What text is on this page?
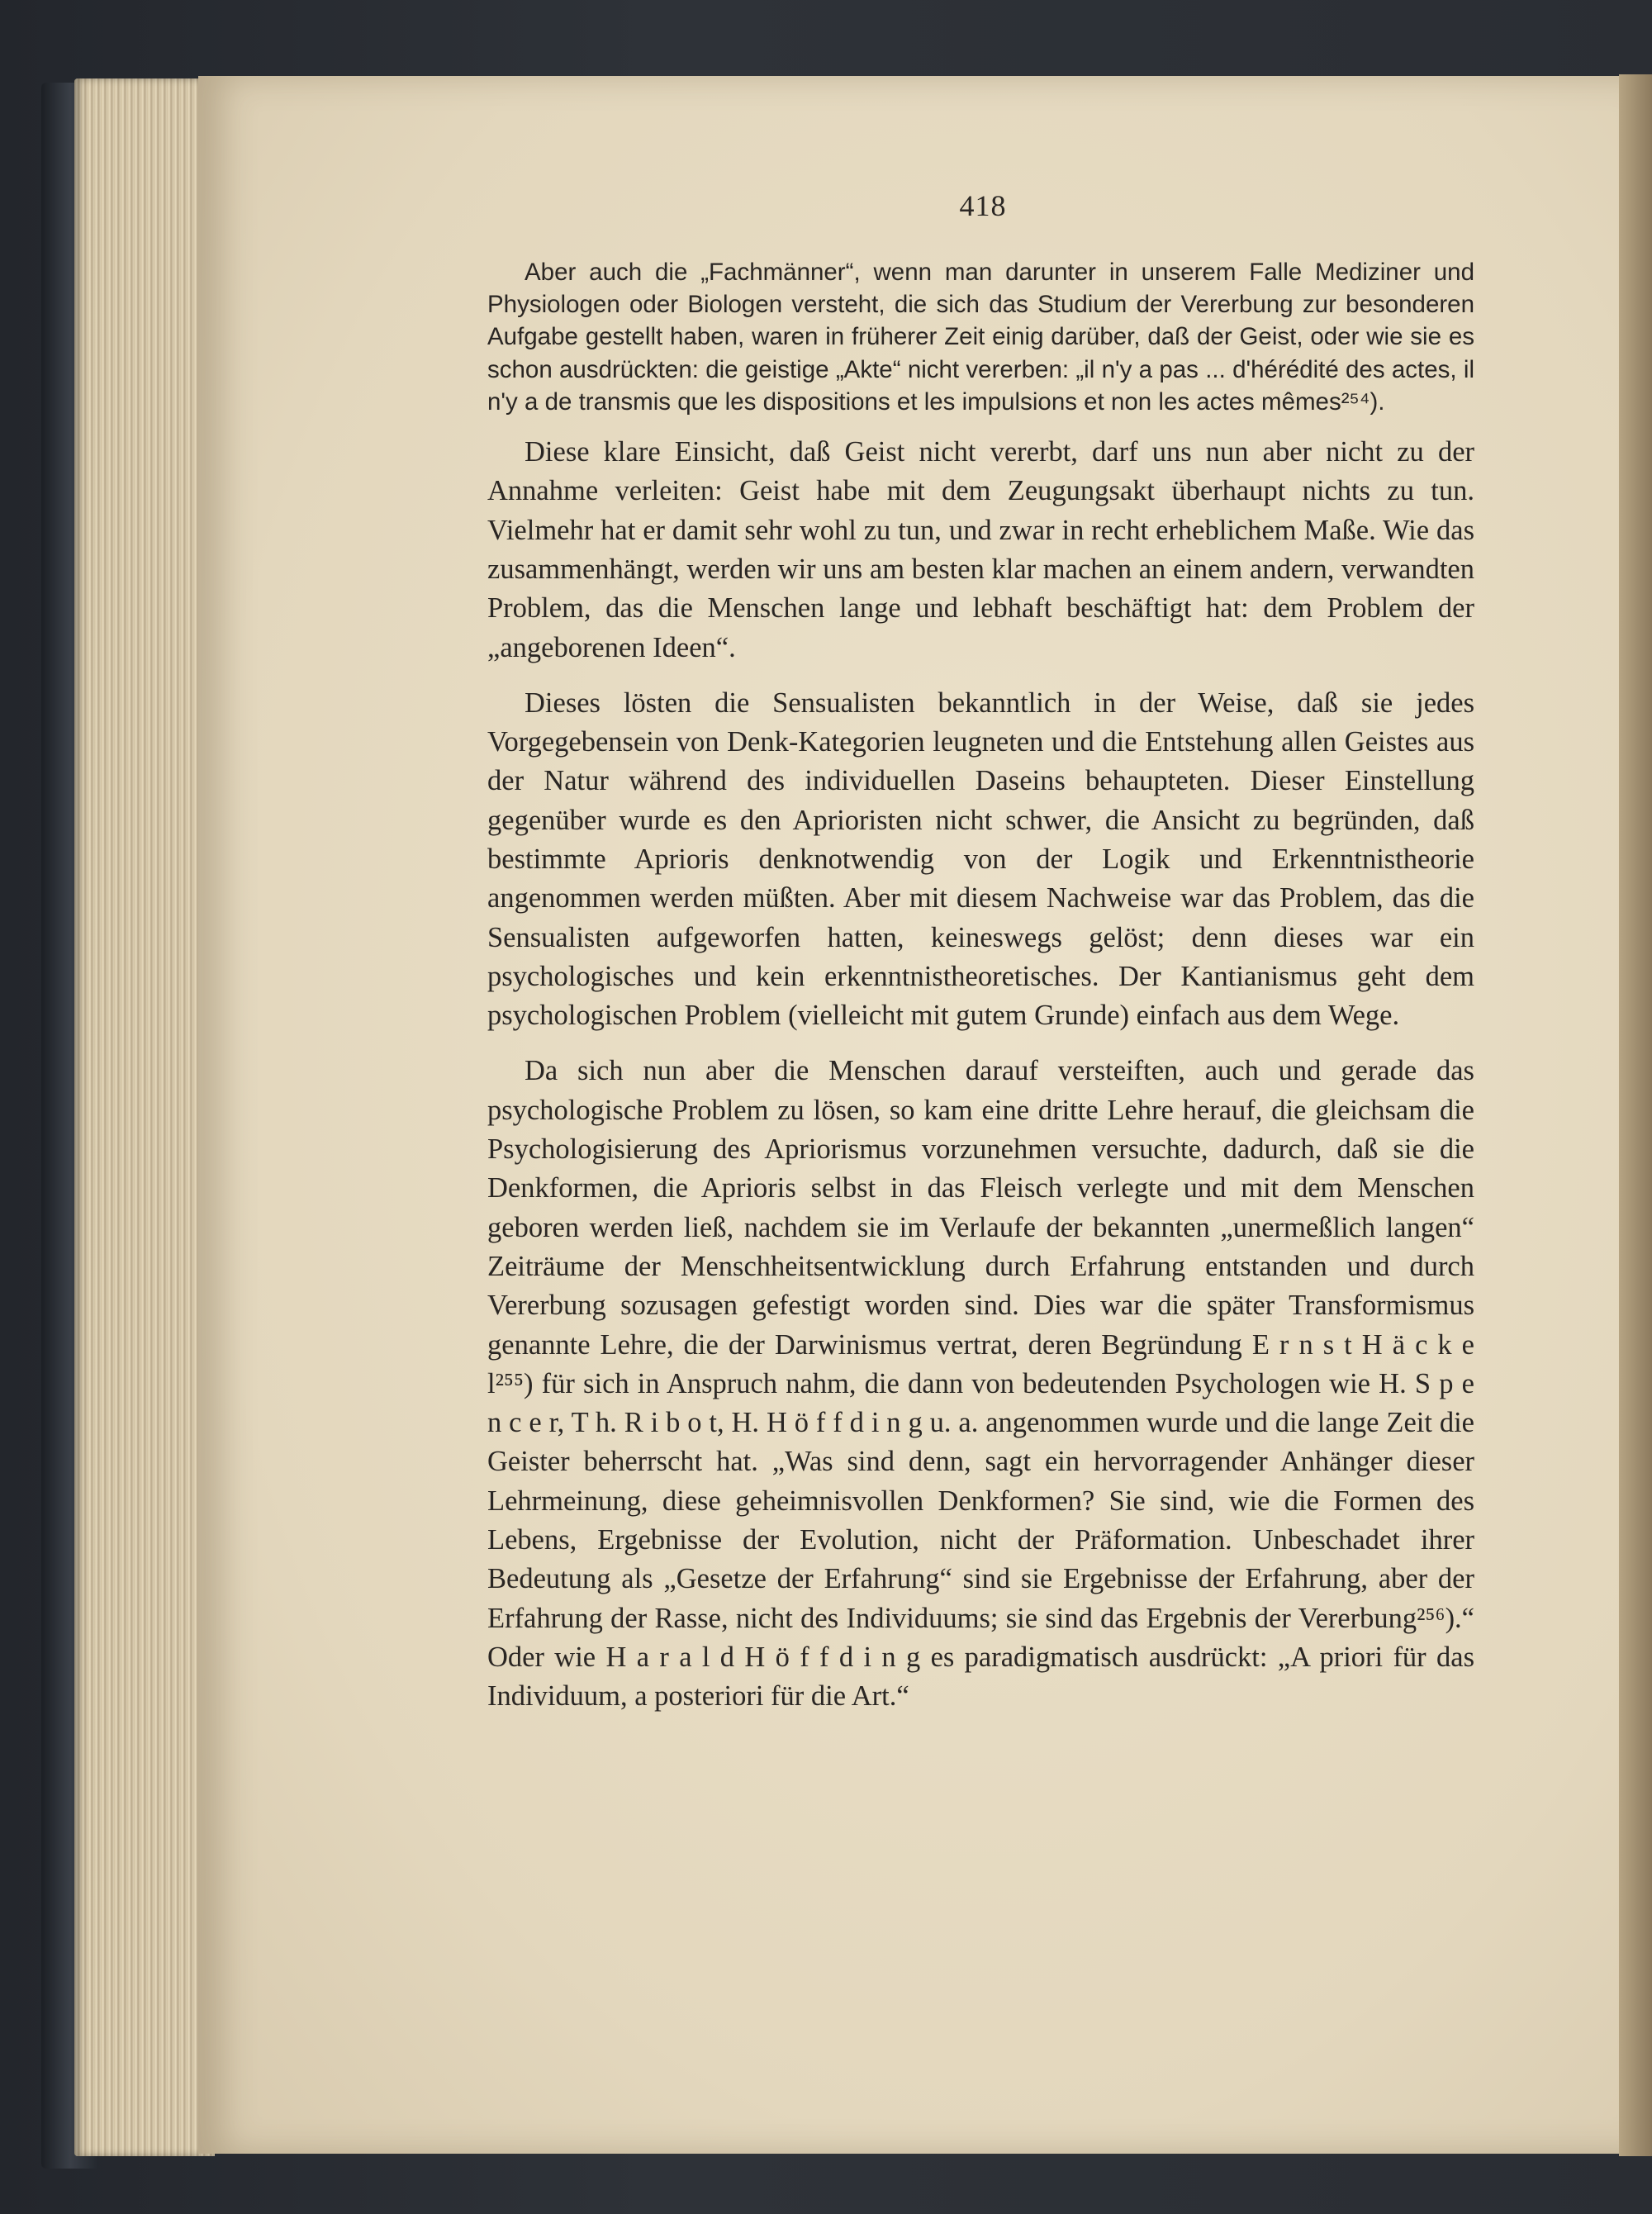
418

Aber auch die „Fachmänner“, wenn man darunter in unserem Falle Mediziner und Physiologen oder Biologen versteht, die sich das Studium der Vererbung zur besonderen Aufgabe gestellt haben, waren in früherer Zeit einig darüber, daß der Geist, oder wie sie es schon ausdrückten: die geistige „Akte“ nicht vererben: „il n'y a pas ... d'hérédité des actes, il n'y a de transmis que les dispositions et les impulsions et non les actes mêmes²⁵⁴).

Diese klare Einsicht, daß Geist nicht vererbt, darf uns nun aber nicht zu der Annahme verleiten: Geist habe mit dem Zeugungsakt überhaupt nichts zu tun. Vielmehr hat er damit sehr wohl zu tun, und zwar in recht erheblichem Maße. Wie das zusammenhängt, werden wir uns am besten klar machen an einem andern, verwandten Problem, das die Menschen lange und lebhaft beschäftigt hat: dem Problem der „angeborenen Ideen“.

Dieses lösten die Sensualisten bekanntlich in der Weise, daß sie jedes Vorgegebensein von Denk-Kategorien leugneten und die Entstehung allen Geistes aus der Natur während des individuellen Daseins behaupteten. Dieser Einstellung gegenüber wurde es den Aprioristen nicht schwer, die Ansicht zu begründen, daß bestimmte Aprioris denknotwendig von der Logik und Erkenntnistheorie angenommen werden müßten. Aber mit diesem Nachweise war das Problem, das die Sensualisten aufgeworfen hatten, keineswegs gelöst; denn dieses war ein psychologisches und kein erkenntnistheoretisches. Der Kantianismus geht dem psychologischen Problem (vielleicht mit gutem Grunde) einfach aus dem Wege.

Da sich nun aber die Menschen darauf versteiften, auch und gerade das psychologische Problem zu lösen, so kam eine dritte Lehre herauf, die gleichsam die Psychologisierung des Apriorismus vorzunehmen versuchte, dadurch, daß sie die Denkformen, die Aprioris selbst in das Fleisch verlegte und mit dem Menschen geboren werden ließ, nachdem sie im Verlaufe der bekannten „unermeßlich langen“ Zeiträume der Menschheitsentwicklung durch Erfahrung entstanden und durch Vererbung sozusagen gefestigt worden sind. Dies war die später Transformismus genannte Lehre, die der Darwinismus vertrat, deren Begründung E r n s t H ä c k e l²⁵⁵) für sich in Anspruch nahm, die dann von bedeutenden Psychologen wie H. S p e n c e r, T h. R i b o t, H. H ö f f d i n g u. a. angenommen wurde und die lange Zeit die Geister beherrscht hat. „Was sind denn, sagt ein hervorragender Anhänger dieser Lehrmeinung, diese geheimnisvollen Denkformen? Sie sind, wie die Formen des Lebens, Ergebnisse der Evolution, nicht der Präformation. Unbeschadet ihrer Bedeutung als „Gesetze der Erfahrung“ sind sie Ergebnisse der Erfahrung, aber der Erfahrung der Rasse, nicht des Individuums; sie sind das Ergebnis der Vererbung²⁵⁶).“ Oder wie H a r a l d H ö f f d i n g es paradigmatisch ausdrückt: „A priori für das Individuum, a posteriori für die Art.“
